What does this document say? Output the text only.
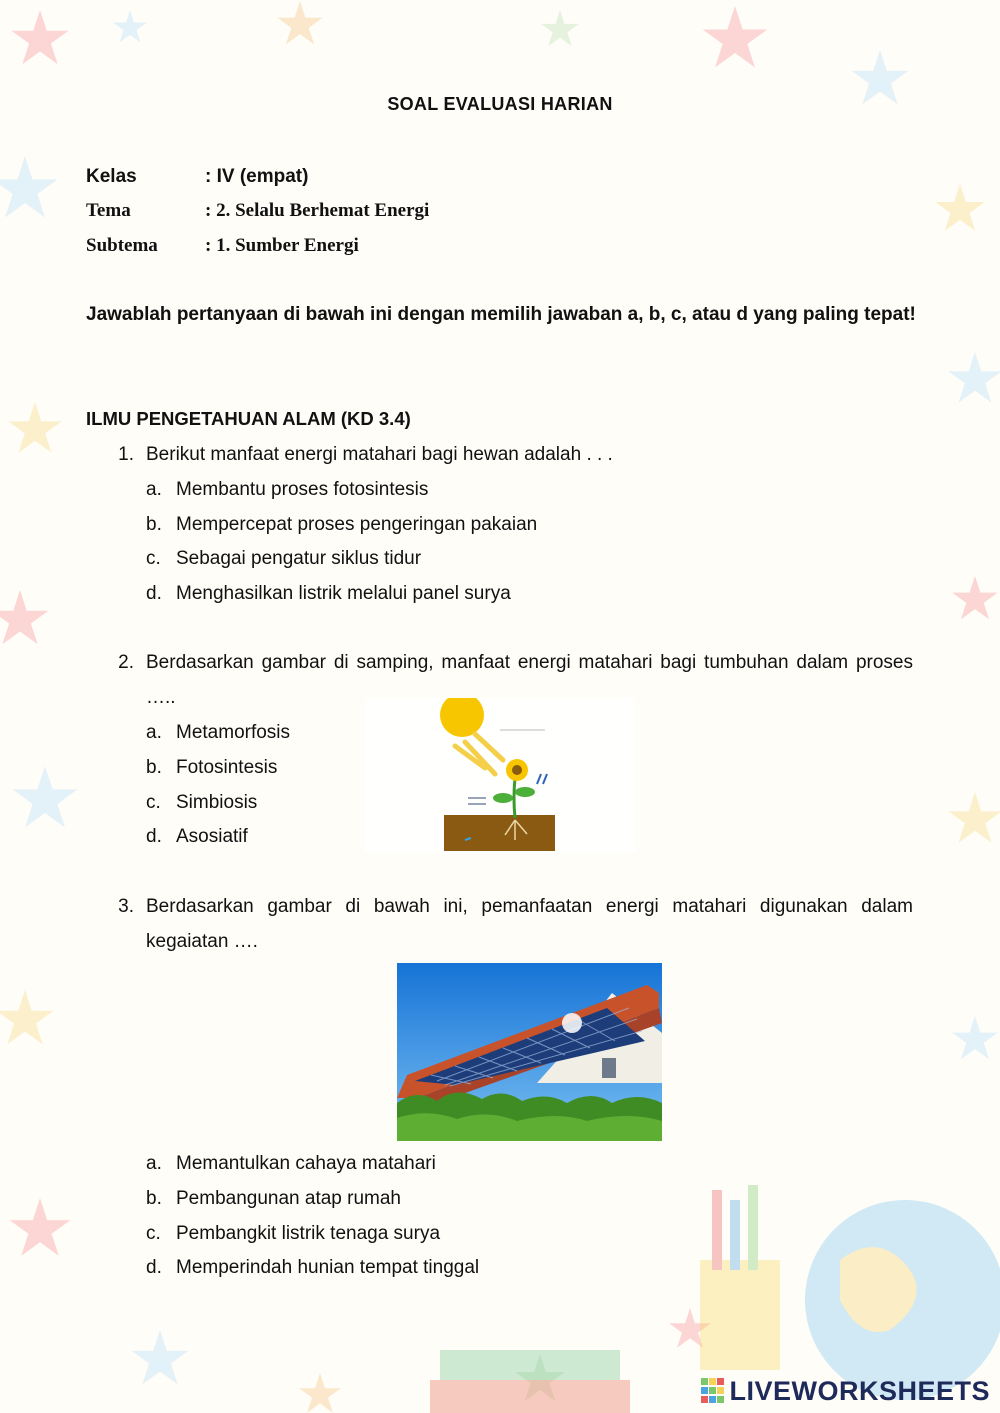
SOAL EVALUASI HARIAN
Kelas	: IV (empat)
Tema	: 2. Selalu Berhemat Energi
Subtema : 1. Sumber Energi
Jawablah pertanyaan di bawah ini dengan memilih jawaban a, b, c, atau d yang paling tepat!
ILMU PENGETAHUAN ALAM (KD 3.4)
1. Berikut manfaat energi matahari bagi hewan adalah . . .
a. Membantu proses fotosintesis
b. Mempercepat proses pengeringan pakaian
c. Sebagai pengatur siklus tidur
d. Menghasilkan listrik melalui panel surya
2. Berdasarkan gambar di samping, manfaat energi matahari bagi tumbuhan dalam proses …..
a. Metamorfosis
b. Fotosintesis
c. Simbiosis
d. Asosiatif
3. Berdasarkan gambar di bawah ini, pemanfaatan energi matahari digunakan dalam kegaiatan ….
a. Memantulkan cahaya matahari
b. Pembangunan atap rumah
c. Pembangkit listrik tenaga surya
d. Memperindah hunian tempat tinggal
LIVEWORKSHEETS
